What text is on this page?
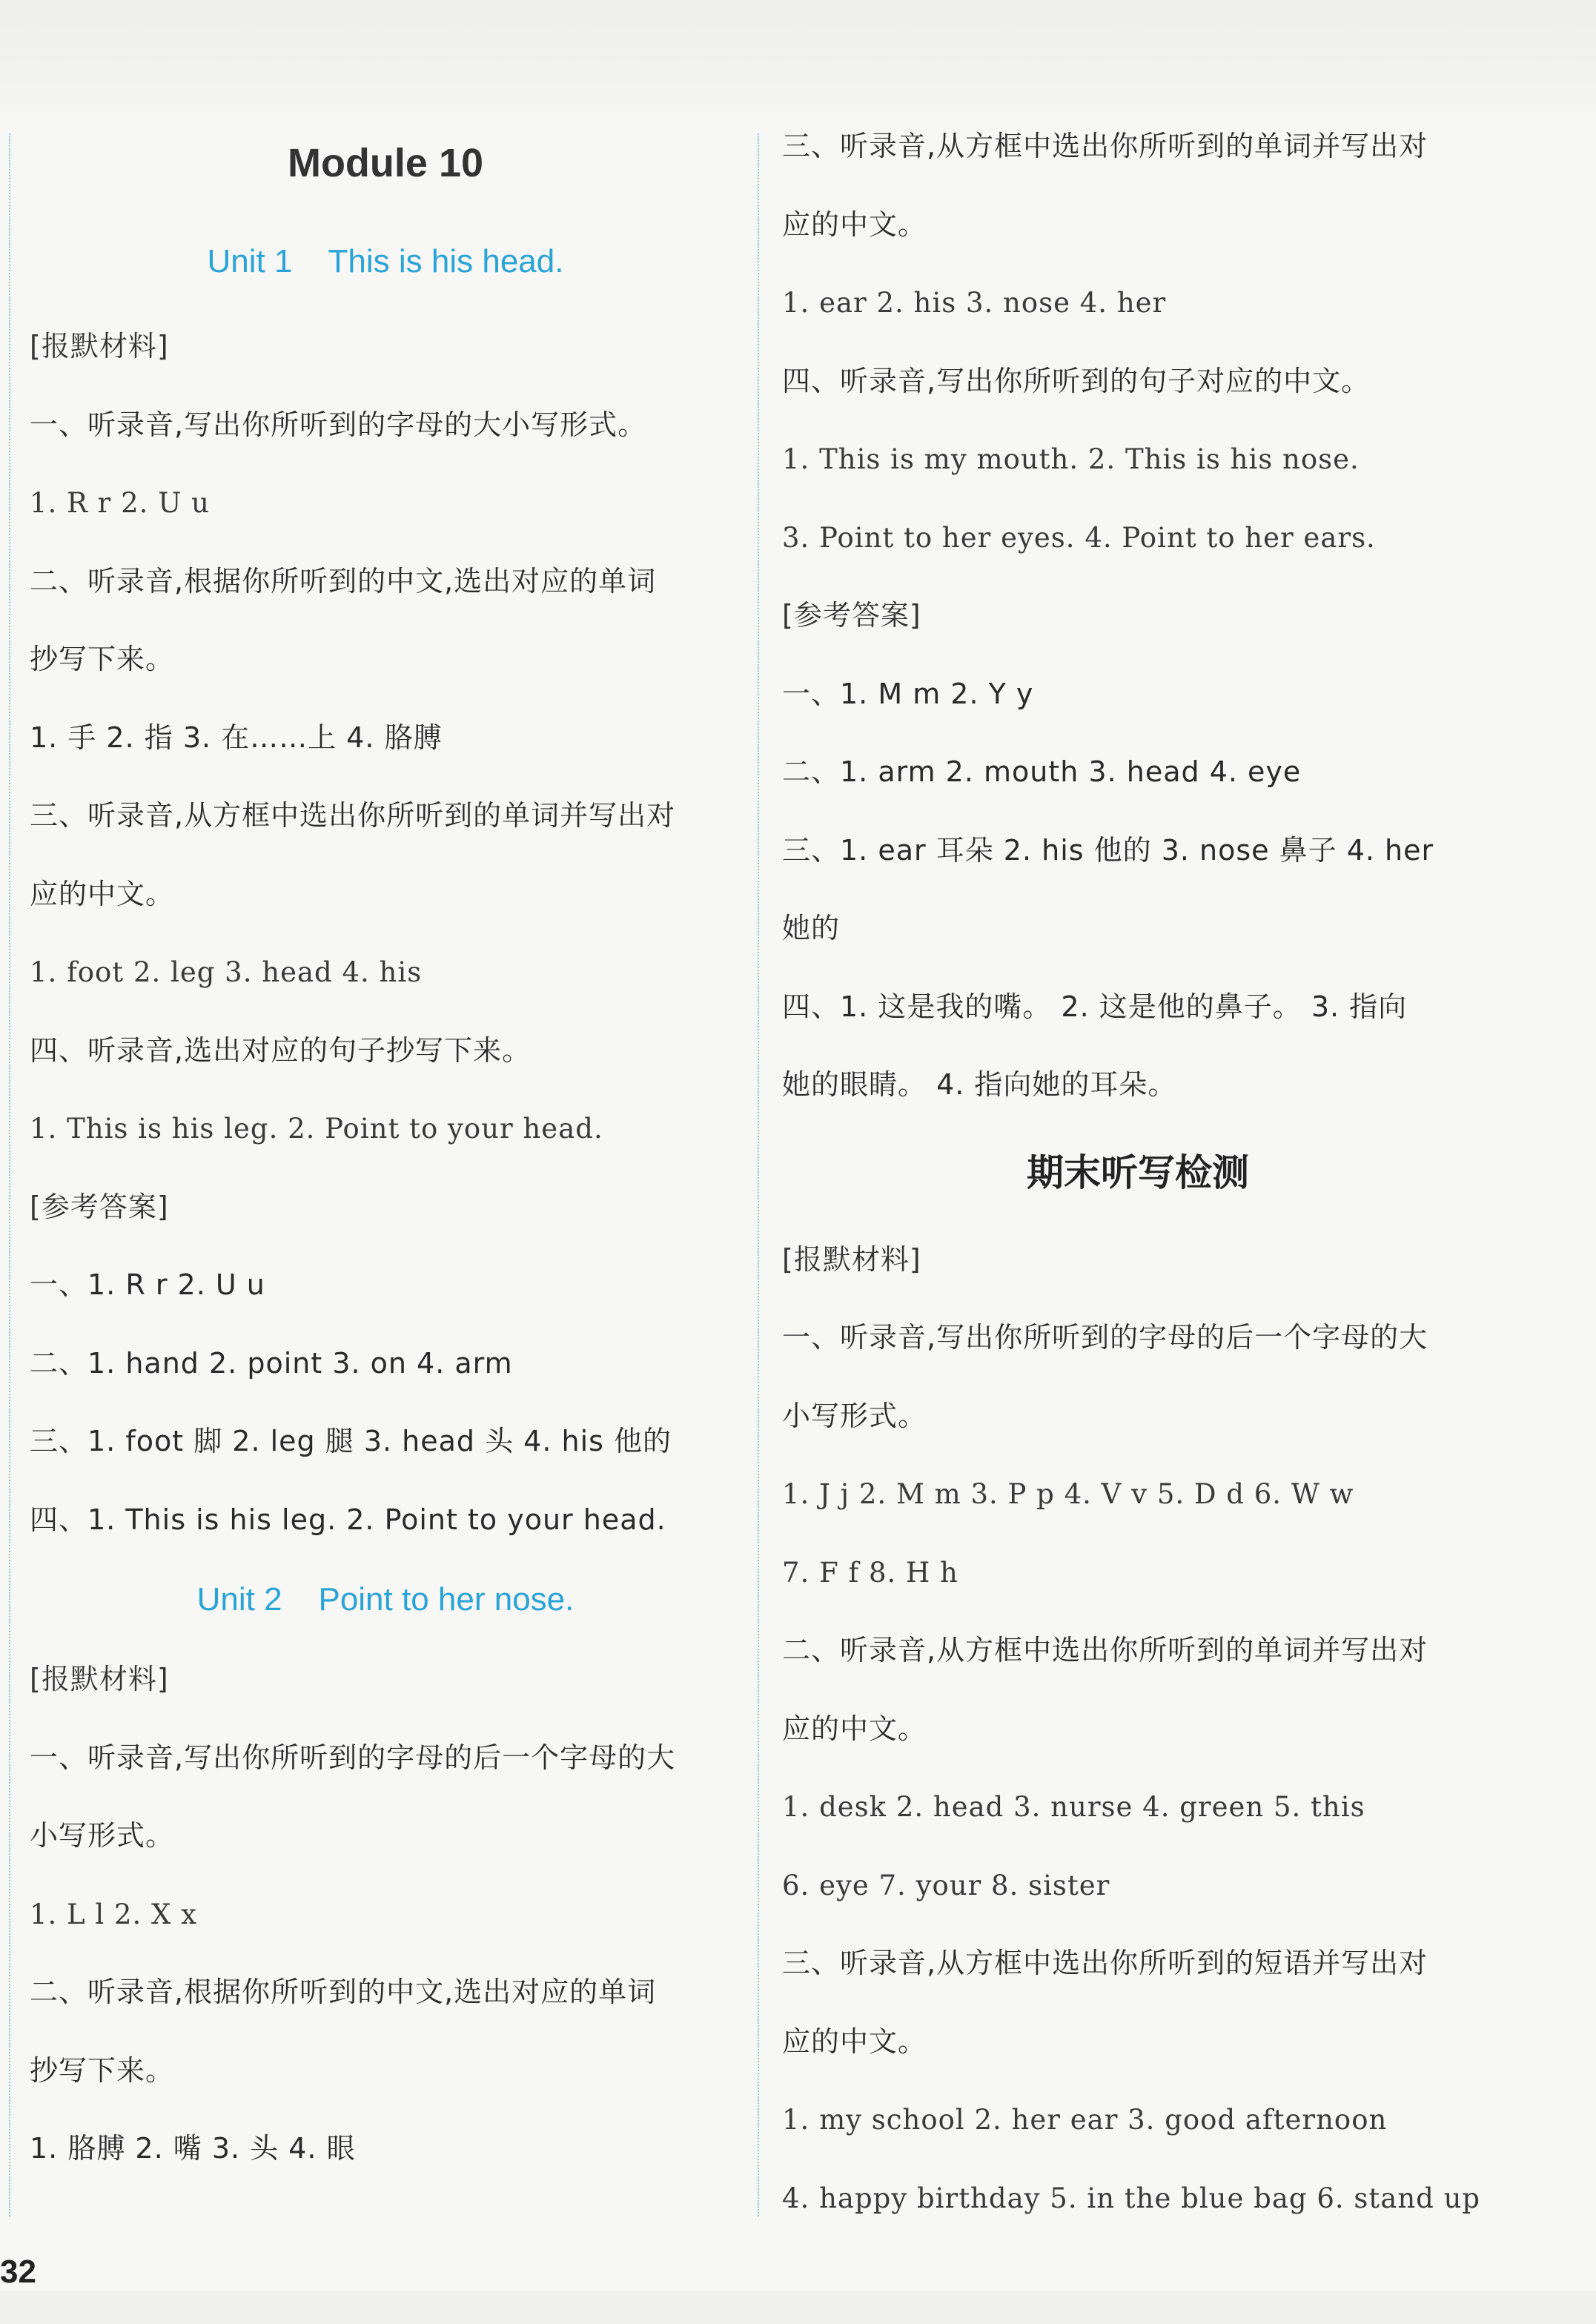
Module 10
Unit 1    This is his head.
[报默材料]
一、听录音,写出你所听到的字母的大小写形式。
1. R r 2. U u
二、听录音,根据你所听到的中文,选出对应的单词
抄写下来。
1. 手 2. 指 3. 在……上 4. 胳膊
三、听录音,从方框中选出你所听到的单词并写出对
应的中文。
1. foot 2. leg 3. head 4. his
四、听录音,选出对应的句子抄写下来。
1. This is his leg. 2. Point to your head.
[参考答案]
一、1. R r 2. U u
二、1. hand 2. point 3. on 4. arm
三、1. foot 脚 2. leg 腿 3. head 头 4. his 他的
四、1. This is his leg. 2. Point to your head.
Unit 2    Point to her nose.
[报默材料]
一、听录音,写出你所听到的字母的后一个字母的大
小写形式。
1. L l 2. X x
二、听录音,根据你所听到的中文,选出对应的单词
抄写下来。
1. 胳膊 2. 嘴 3. 头 4. 眼
三、听录音,从方框中选出你所听到的单词并写出对
应的中文。
1. ear 2. his 3. nose 4. her
四、听录音,写出你所听到的句子对应的中文。
1. This is my mouth. 2. This is his nose.
3. Point to her eyes. 4. Point to her ears.
[参考答案]
一、1. M m 2. Y y
二、1. arm 2. mouth 3. head 4. eye
三、1. ear 耳朵 2. his 他的 3. nose 鼻子 4. her
她的
四、1. 这是我的嘴。 2. 这是他的鼻子。 3. 指向
她的眼睛。 4. 指向她的耳朵。
期末听写检测
[报默材料]
一、听录音,写出你所听到的字母的后一个字母的大
小写形式。
1. J j 2. M m 3. P p 4. V v 5. D d 6. W w
7. F f 8. H h
二、听录音,从方框中选出你所听到的单词并写出对
应的中文。
1. desk 2. head 3. nurse 4. green 5. this
6. eye 7. your 8. sister
三、听录音,从方框中选出你所听到的短语并写出对
应的中文。
1. my school 2. her ear 3. good afternoon
4. happy birthday 5. in the blue bag 6. stand up
32
